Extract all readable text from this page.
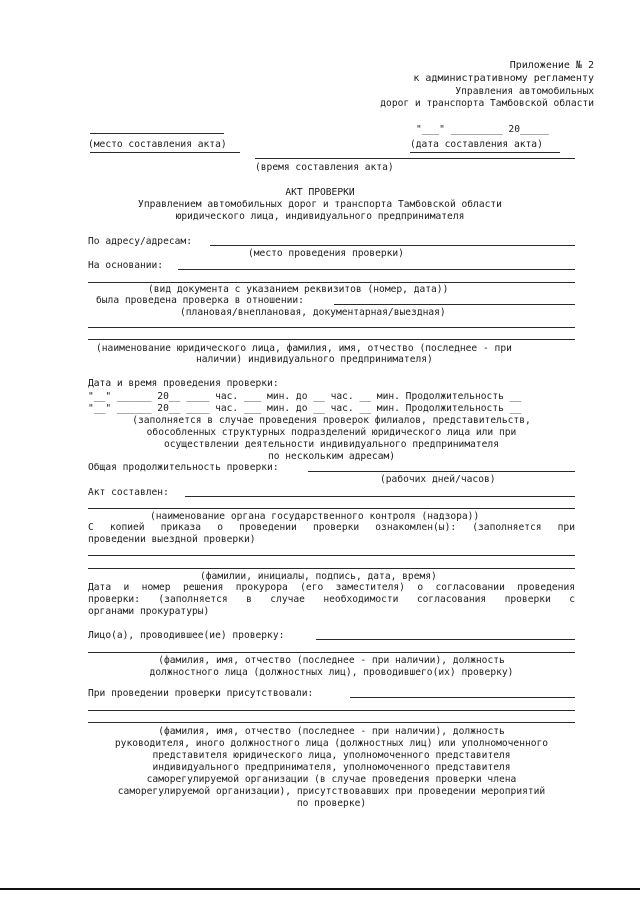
Приложение № 2
к административному регламенту
Управления автомобильных
дорог и транспорта Тамбовской области
"___" _________ 20_____
(место составления акта)	(дата составления акта)
(время составления акта)
АКТ ПРОВЕРКИ
Управлением автомобильных дорог и транспорта Тамбовской области
юридического лица, индивидуального предпринимателя
По адресу/адресам:
(место проведения проверки)
На основании:
(вид документа с указанием реквизитов (номер, дата))
была проведена проверка в отношении:
(плановая/внеплановая, документарная/выездная)
(наименование юридического лица, фамилия, имя, отчество (последнее - при
наличии) индивидуального предпринимателя)
Дата и время проведения проверки:
"__" ______ 20__ ____ час. ___ мин. до __ час. __ мин. Продолжительность __
"__" ______ 20__ ____ час. ___ мин. до __ час. __ мин. Продолжительность __
(заполняется в случае проведения проверок филиалов, представительств,
обособленных структурных подразделений юридического лица или при
осуществлении деятельности индивидуального предпринимателя
по нескольким адресам)
Общая продолжительность проверки:
(рабочих дней/часов)
Акт составлен:
(наименование органа государственного контроля (надзора))
С копией приказа о проведении проверки ознакомлен(ы): (заполняется при
проведении выездной проверки)
(фамилии, инициалы, подпись, дата, время)
Дата и номер решения прокурора (его заместителя) о согласовании проведения
проверки: (заполняется в случае необходимости согласования проверки с
органами прокуратуры)
Лицо(а), проводившее(ие) проверку:
(фамилия, имя, отчество (последнее - при наличии), должность
должностного лица (должностных лиц), проводившего(их) проверку)
При проведении проверки присутствовали:
(фамилия, имя, отчество (последнее - при наличии), должность
руководителя, иного должностного лица (должностных лиц) или уполномоченного
представителя юридического лица, уполномоченного представителя
индивидуального предпринимателя, уполномоченного представителя
саморегулируемой организации (в случае проведения проверки члена
саморегулируемой организации), присутствовавших при проведении мероприятий
по проверке)
